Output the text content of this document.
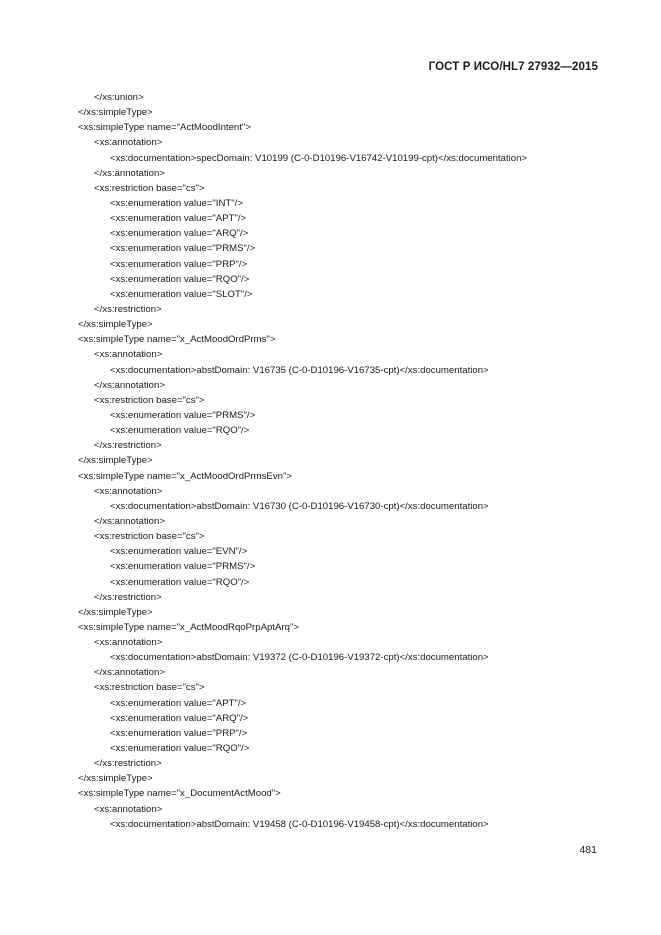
ГОСТ Р ИСО/HL7 27932—2015
</xs:union>
</xs:simpleType>
<xs:simpleType name="ActMoodIntent">
<xs:annotation>
<xs:documentation>specDomain: V10199 (C-0-D10196-V16742-V10199-cpt)</xs:documentation>
</xs:annotation>
<xs:restriction base="cs">
<xs:enumeration value="INT"/>
<xs:enumeration value="APT"/>
<xs:enumeration value="ARQ"/>
<xs:enumeration value="PRMS"/>
<xs:enumeration value="PRP"/>
<xs:enumeration value="RQO"/>
<xs:enumeration value="SLOT"/>
</xs:restriction>
</xs:simpleType>
<xs:simpleType name="x_ActMoodOrdPrms">
<xs:annotation>
<xs:documentation>abstDomain: V16735 (C-0-D10196-V16735-cpt)</xs:documentation>
</xs:annotation>
<xs:restriction base="cs">
<xs:enumeration value="PRMS"/>
<xs:enumeration value="RQO"/>
</xs:restriction>
</xs:simpleType>
<xs:simpleType name="x_ActMoodOrdPrmsEvn">
<xs:annotation>
<xs:documentation>abstDomain: V16730 (C-0-D10196-V16730-cpt)</xs:documentation>
</xs:annotation>
<xs:restriction base="cs">
<xs:enumeration value="EVN"/>
<xs:enumeration value="PRMS"/>
<xs:enumeration value="RQO"/>
</xs:restriction>
</xs:simpleType>
<xs:simpleType name="x_ActMoodRqoPrpAptArq">
<xs:annotation>
<xs:documentation>abstDomain: V19372 (C-0-D10196-V19372-cpt)</xs:documentation>
</xs:annotation>
<xs:restriction base="cs">
<xs:enumeration value="APT"/>
<xs:enumeration value="ARQ"/>
<xs:enumeration value="PRP"/>
<xs:enumeration value="RQO"/>
</xs:restriction>
</xs:simpleType>
<xs:simpleType name="x_DocumentActMood">
<xs:annotation>
<xs:documentation>abstDomain: V19458 (C-0-D10196-V19458-cpt)</xs:documentation>
481
